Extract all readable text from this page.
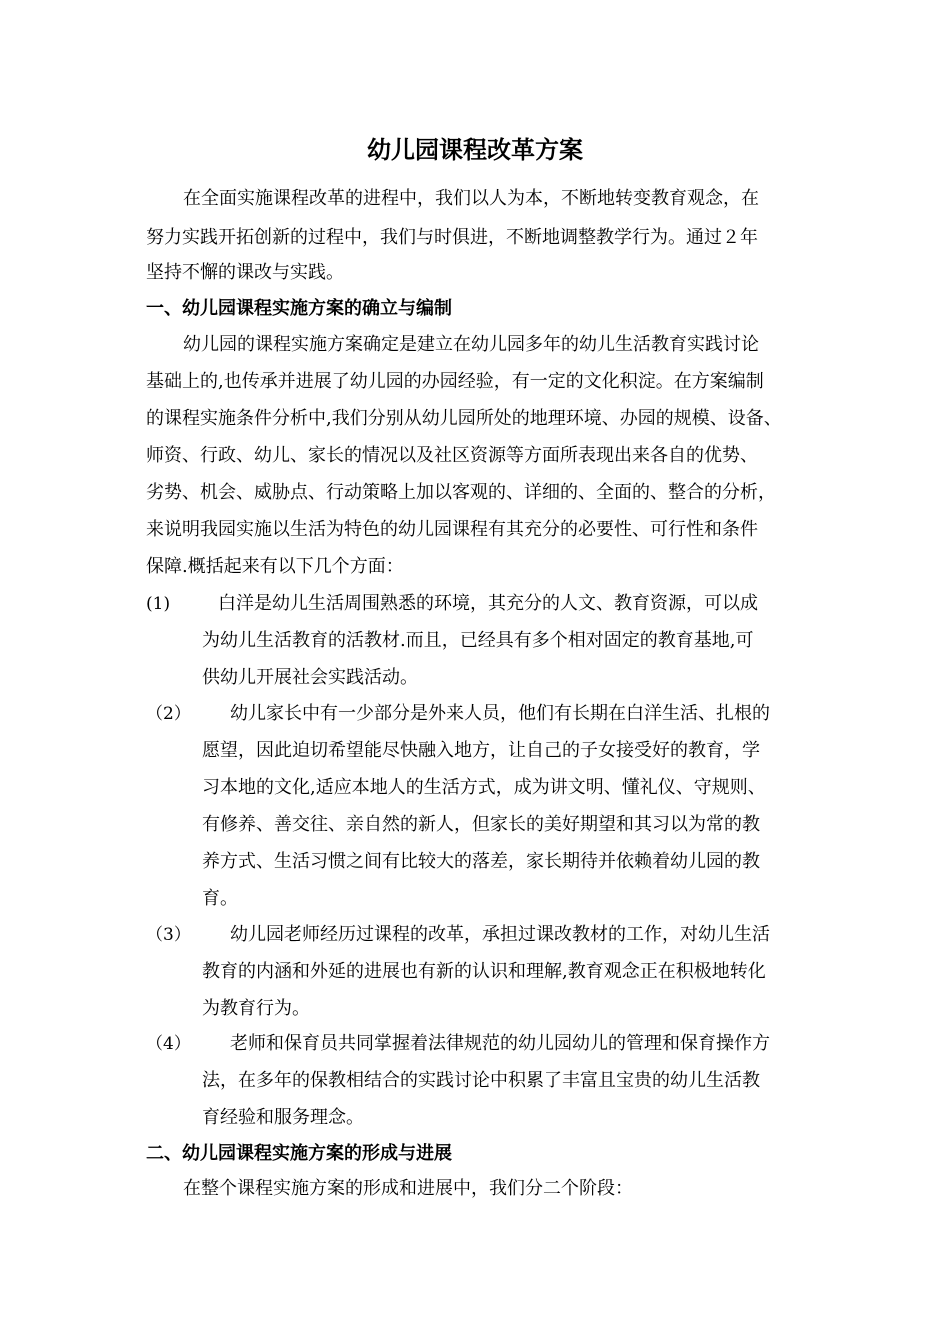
幼儿园课程改革方案
在全面实施课程改革的进程中，我们以人为本，不断地转变教育观念，在
努力实践开拓创新的过程中，我们与时俱进，不断地调整教学行为。通过２年
坚持不懈的课改与实践。
一、幼儿园课程实施方案的确立与编制
幼儿园的课程实施方案确定是建立在幼儿园多年的幼儿生活教育实践讨论
基础上的,也传承并进展了幼儿园的办园经验，有一定的文化积淀。在方案编制
的课程实施条件分析中,我们分别从幼儿园所处的地理环境、办园的规模、设备、
师资、行政、幼儿、家长的情况以及社区资源等方面所表现出来各自的优势、
劣势、机会、威胁点、行动策略上加以客观的、详细的、全面的、整合的分析，
来说明我园实施以生活为特色的幼儿园课程有其充分的必要性、可行性和条件
保障.概括起来有以下几个方面：
(1)	白洋是幼儿生活周围熟悉的环境，其充分的人文、教育资源，可以成
为幼儿生活教育的活教材.而且，已经具有多个相对固定的教育基地,可
供幼儿开展社会实践活动。
（2） 幼儿家长中有一少部分是外来人员，他们有长期在白洋生活、扎根的
愿望，因此迫切希望能尽快融入地方，让自己的子女接受好的教育，学
习本地的文化,适应本地人的生活方式，成为讲文明、懂礼仪、守规则、
有修养、善交往、亲自然的新人，但家长的美好期望和其习以为常的教
养方式、生活习惯之间有比较大的落差，家长期待并依赖着幼儿园的教
育。
（3） 幼儿园老师经历过课程的改革，承担过课改教材的工作，对幼儿生活
教育的内涵和外延的进展也有新的认识和理解,教育观念正在积极地转化
为教育行为。
（4） 老师和保育员共同掌握着法律规范的幼儿园幼儿的管理和保育操作方
法，在多年的保教相结合的实践讨论中积累了丰富且宝贵的幼儿生活教
育经验和服务理念。
二、幼儿园课程实施方案的形成与进展
在整个课程实施方案的形成和进展中，我们分二个阶段：
